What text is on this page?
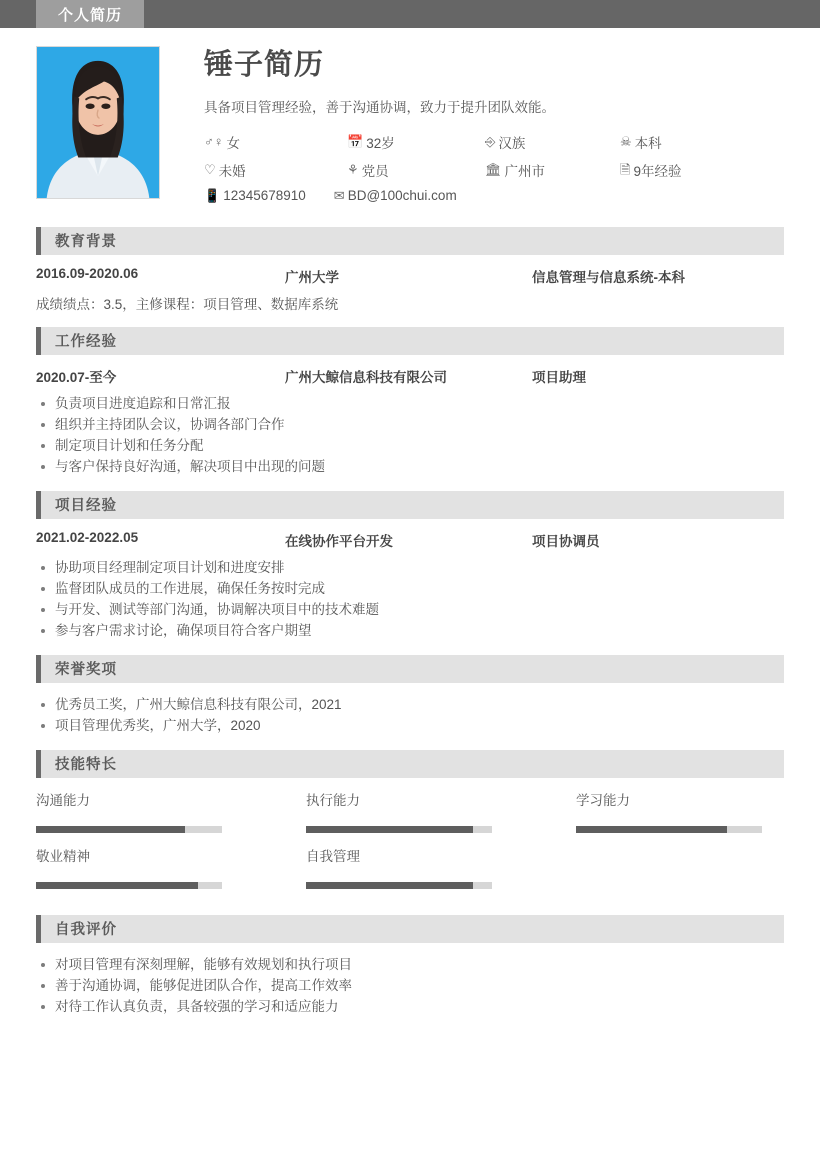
个人简历
锤子简历
具备项目管理经验，善于沟通协调，致力于提升团队效能。
♂♀ 女	📅 32岁	⎆ 汉族	☠ 本科
♡ 未婚	⚘ 党员	🏛 广州市	🗎 9年经验
📱 12345678910 ✉ BD@100chui.com
教育背景
2016.09-2020.06	广州大学	信息管理与信息系统-本科
成绩绩点：3.5，主修课程：项目管理、数据库系统
工作经验
2020.07-至今	广州大鲸信息科技有限公司	项目助理
负责项目进度追踪和日常汇报
组织并主持团队会议，协调各部门合作
制定项目计划和任务分配
与客户保持良好沟通，解决项目中出现的问题
项目经验
2021.02-2022.05	在线协作平台开发	项目协调员
协助项目经理制定项目计划和进度安排
监督团队成员的工作进展，确保任务按时完成
与开发、测试等部门沟通，协调解决项目中的技术难题
参与客户需求讨论，确保项目符合客户期望
荣誉奖项
优秀员工奖，广州大鲸信息科技有限公司，2021
项目管理优秀奖，广州大学，2020
技能特长
沟通能力	执行能力	学习能力
敬业精神	自我管理
自我评价
对项目管理有深刻理解，能够有效规划和执行项目
善于沟通协调，能够促进团队合作，提高工作效率
对待工作认真负责，具备较强的学习和适应能力
